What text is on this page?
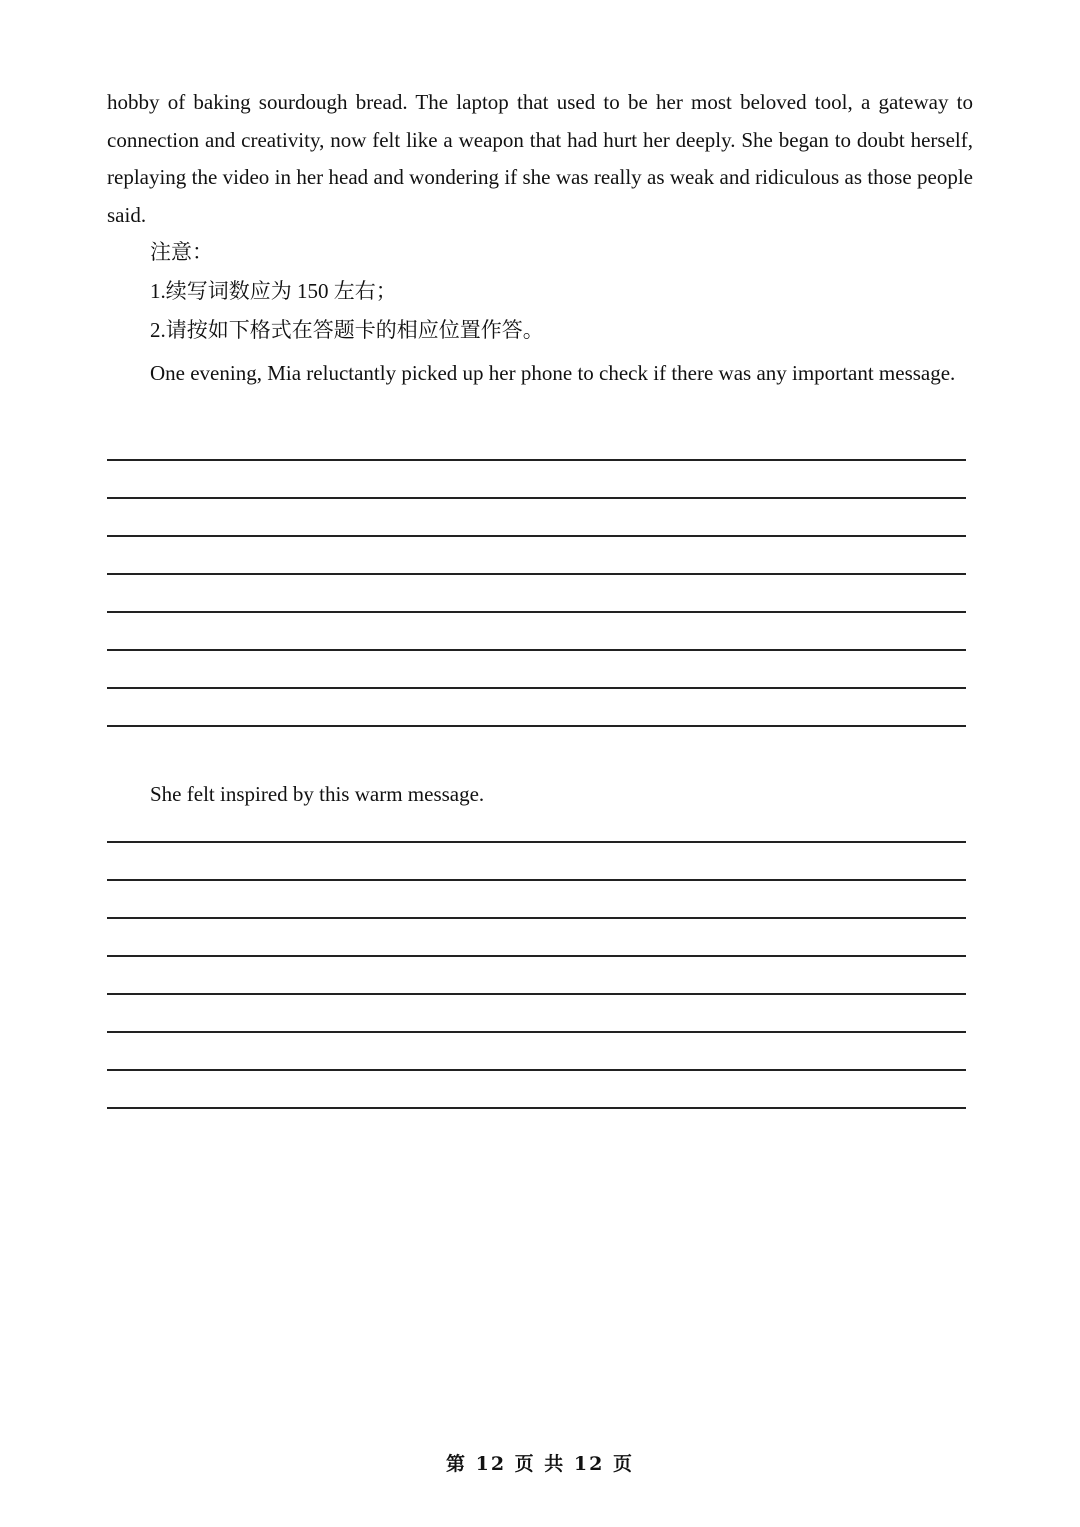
hobby of baking sourdough bread. The laptop that used to be her most beloved tool, a gateway to connection and creativity, now felt like a weapon that had hurt her deeply. She began to doubt herself, replaying the video in her head and wondering if she was really as weak and ridiculous as those people said.

注意：
1.续写词数应为 150 左右；
2.请按如下格式在答题卡的相应位置作答。

One evening, Mia reluctantly picked up her phone to check if there was any important message.

She felt inspired by this warm message.
第 12 页 共 12 页
